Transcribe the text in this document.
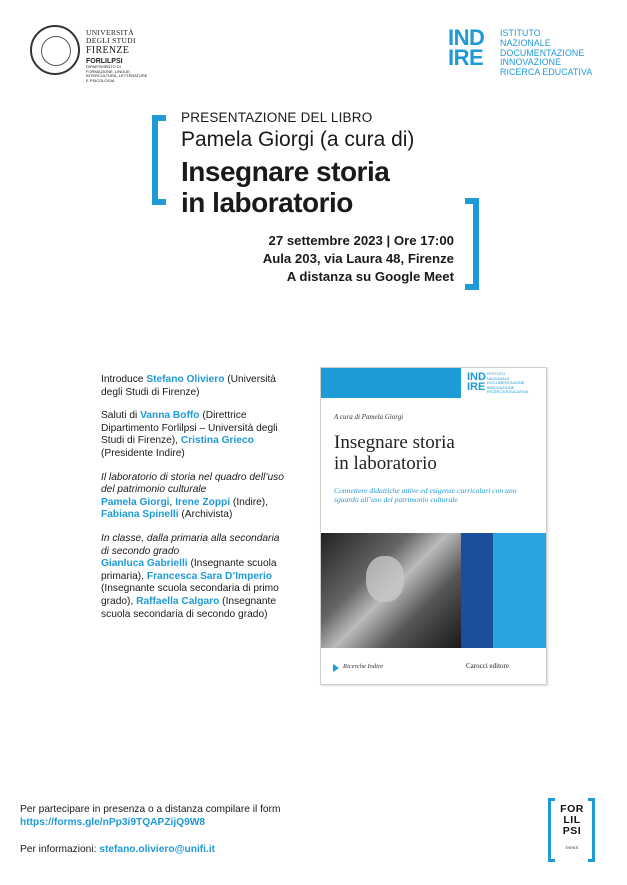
UNIVERSITÀ
DEGLI STUDI
FIRENZE
FORLILPSI
DIPARTIMENTO DI FORMAZIONE, LINGUE, INTERCULTURA, LETTERATURE E PSICOLOGIA
IND
IRE
ISTITUTO
NAZIONALE
DOCUMENTAZIONE
INNOVAZIONE
RICERCA EDUCATIVA
PRESENTAZIONE DEL LIBRO
Pamela Giorgi (a cura di)
Insegnare storia
in laboratorio
27 settembre 2023 | Ore 17:00
Aula 203, via Laura 48, Firenze
A distanza su Google Meet

Introduce Stefano Oliviero (Università degli Studi di Firenze)

Saluti di Vanna Boffo (Direttrice Dipartimento Forlilpsi – Università degli Studi di Firenze), Cristina Grieco (Presidente Indire)

Il laboratorio di storia nel quadro dell’uso del patrimonio culturale
Pamela Giorgi, Irene Zoppi (Indire), Fabiana Spinelli (Archivista)

In classe, dalla primaria alla secondaria di secondo grado
Gianluca Gabrielli (Insegnante scuola primaria), Francesca Sara D’Imperio (Insegnante scuola secondaria di primo grado), Raffaella Calgaro (Insegnante scuola secondaria di secondo grado)

IND
IRE
ISTITUTO
NAZIONALE
DOCUMENTAZIONE
INNOVAZIONE
RICERCA EDUCATIVA
A cura di Pamela Giorgi
Insegnare storia
in laboratorio
Connettere didattiche attive ed esigenze curricolari con uno sguardo all’uso del patrimonio culturale
Ricerche Indire	Carocci editore
Per partecipare in presenza o a distanza compilare il form
https://forms.gle/nPp3i9TQAPZijQ9W8
Per informazioni: stefano.oliviero@unifi.it
FOR
LIL
PSI
EVENTI
